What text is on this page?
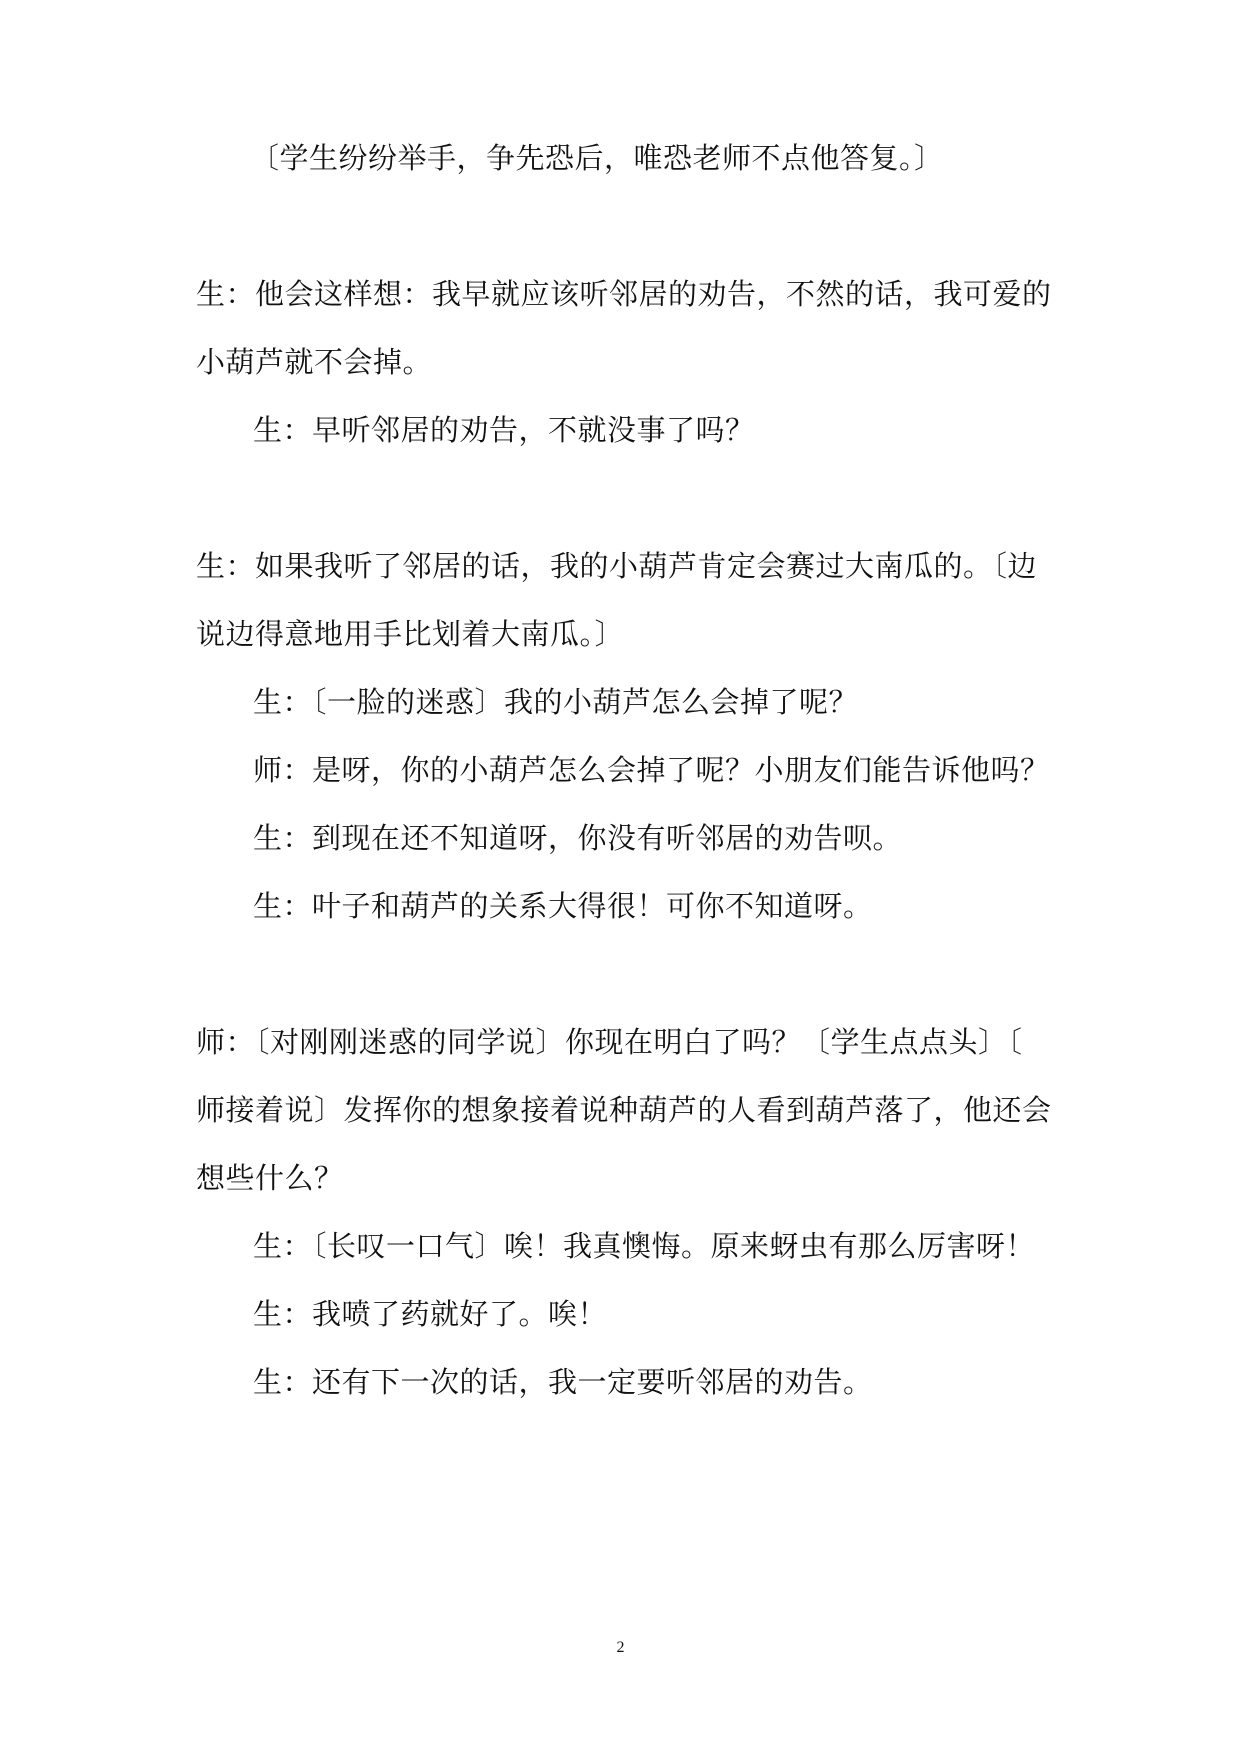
〔学生纷纷举手，争先恐后，唯恐老师不点他答复。〕

生：他会这样想：我早就应该听邻居的劝告，不然的话，我可爱的

小葫芦就不会掉。

生：早听邻居的劝告，不就没事了吗？

生：如果我听了邻居的话，我的小葫芦肯定会赛过大南瓜的。〔边

说边得意地用手比划着大南瓜。〕

生：〔一脸的迷惑〕我的小葫芦怎么会掉了呢？

师：是呀，你的小葫芦怎么会掉了呢？小朋友们能告诉他吗？

生：到现在还不知道呀，你没有听邻居的劝告呗。

生：叶子和葫芦的关系大得很！可你不知道呀。

师：〔对刚刚迷惑的同学说〕你现在明白了吗？〔学生点点头〕〔

师接着说〕发挥你的想象接着说种葫芦的人看到葫芦落了，他还会

想些什么？

生：〔长叹一口气〕唉！我真懊悔。原来蚜虫有那么厉害呀！

生：我喷了药就好了。唉！

生：还有下一次的话，我一定要听邻居的劝告。

2
